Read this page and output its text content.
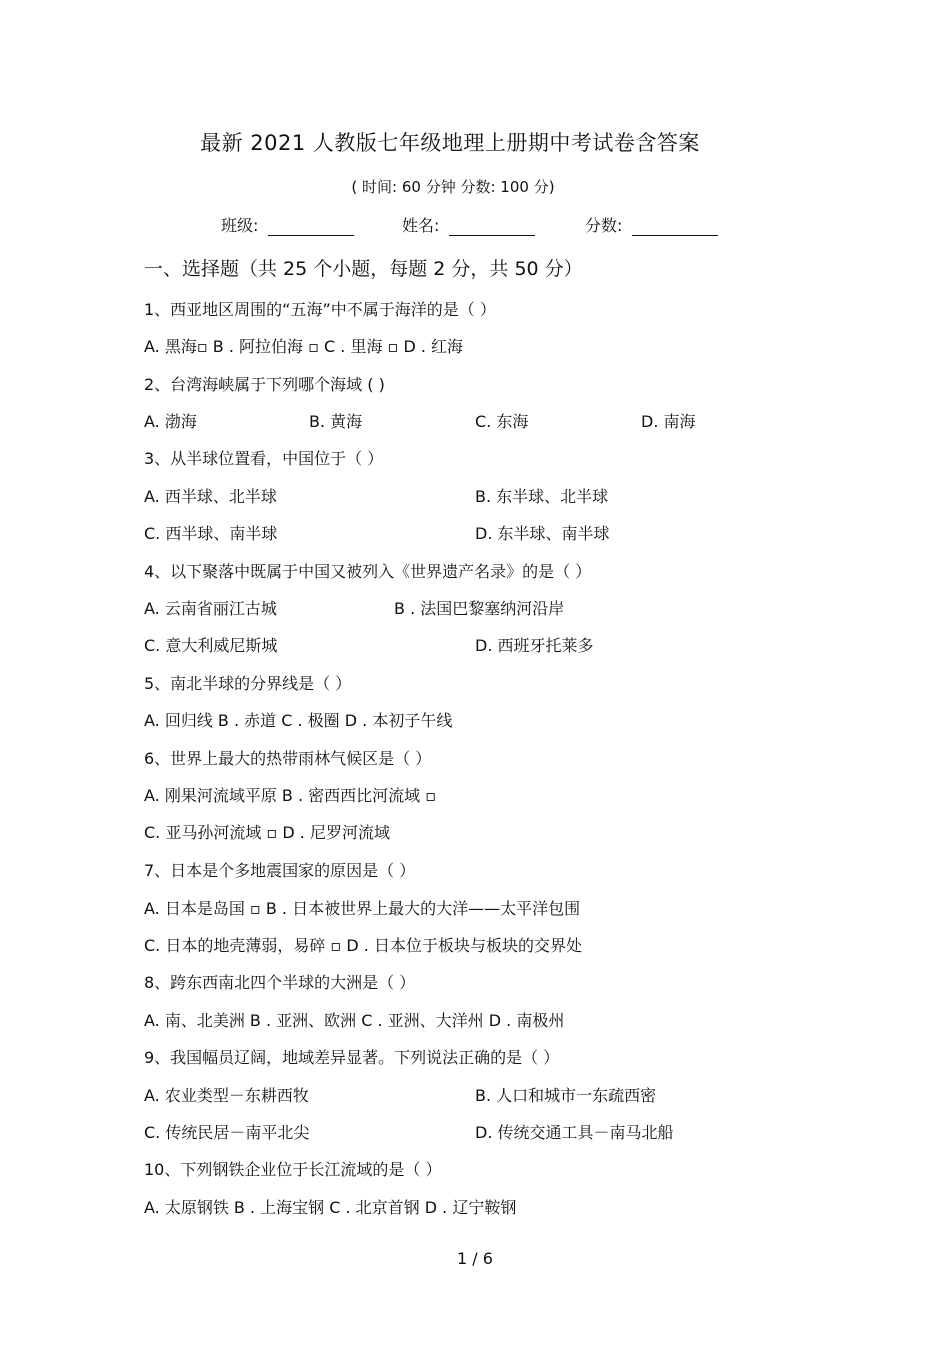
最新 2021 人教版七年级地理上册期中考试卷含答案
( 时间: 60 分钟 分数: 100 分)
班级:	姓名:	分数:
一、选择题（共 25 个小题，每题 2 分，共 50 分）
1、西亚地区周围的“五海”中不属于海洋的是（ ）
A. 黑海▫ B . 阿拉伯海 ▫ C . 里海 ▫ D . 红海
2、台湾海峡属于下列哪个海域 ( )
A. 渤海	B. 黄海	C. 东海	D. 南海
3、从半球位置看，中国位于（ ）
A. 西半球、北半球	B. 东半球、北半球
C. 西半球、南半球	D. 东半球、南半球
4、以下聚落中既属于中国又被列入《世界遗产名录》的是（ ）
A. 云南省丽江古城	B . 法国巴黎塞纳河沿岸
C. 意大利威尼斯城	D. 西班牙托莱多
5、南北半球的分界线是（ ）
A. 回归线 B . 赤道 C . 极圈 D . 本初子午线
6、世界上最大的热带雨林气候区是（ ）
A. 刚果河流域平原 B . 密西西比河流域 ▫
C. 亚马孙河流域 ▫ D . 尼罗河流域
7、日本是个多地震国家的原因是（ ）
A. 日本是岛国 ▫ B . 日本被世界上最大的大洋——太平洋包围
C. 日本的地壳薄弱，易碎 ▫ D . 日本位于板块与板块的交界处
8、跨东西南北四个半球的大洲是（ ）
A. 南、北美洲 B . 亚洲、欧洲 C . 亚洲、大洋州 D . 南极州
9、我国幅员辽阔，地域差异显著。下列说法正确的是（ ）
A. 农业类型－东耕西牧	B. 人口和城市一东疏西密
C. 传统民居－南平北尖	D. 传统交通工具－南马北船
10、下列钢铁企业位于长江流域的是（ ）
A. 太原钢铁 B . 上海宝钢 C . 北京首钢 D . 辽宁鞍钢
1 / 6
